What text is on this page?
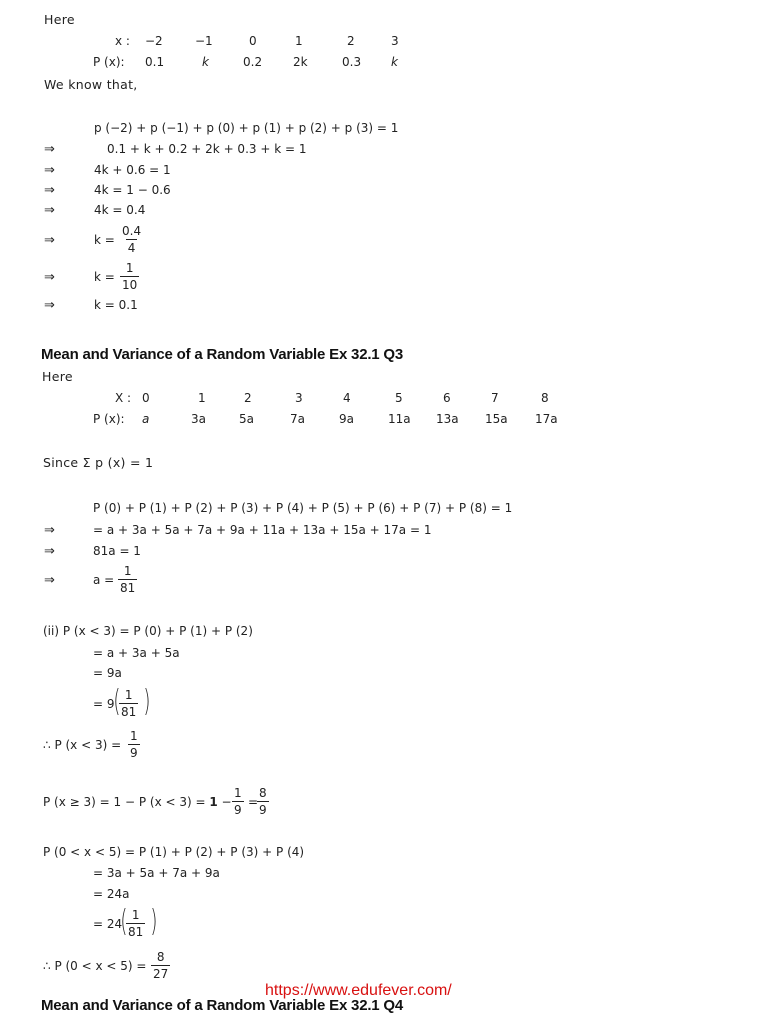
Here
x : −2	−1	0	1	2	3
P (x): 0.1	k	0.2	2k	0.3 k
We know that,
p (−2) + p (−1) + p (0) + p (1) + p (2) + p (3) = 1
⇒	0.1 + k + 0.2 + 2k + 0.3 + k = 1
⇒	4k + 0.6 = 1
⇒	4k = 1 − 0.6
⇒	4k = 0.4
⇒	$k = \frac{0.4}{4}$
⇒	$k = \frac{1}{10}$
⇒	k = 0.1
Mean and Variance of a Random Variable Ex 32.1 Q3
Here
X : 0	1	2	3	4	5	6	7	8
P (x): a	3a	5a	7a	9a	11a 13a 15a 17a
Since Σ p (x) = 1
P (0) + P (1) + P (2) + P (3) + P (4) + P (5) + P (6) + P (7) + P (8) = 1
⇒	= a + 3a + 5a + 7a + 9a + 11a + 13a + 15a + 17a = 1
⇒	81a = 1
⇒	$a = \frac{1}{81}$
(ii) P (x < 3) = P (0) + P (1) + P (2)
= a + 3a + 5a
= 9a
= 9
(
$\frac{1}{81}$ )
∴ P $(x < 3) = \frac{1}{9}$
P (x ≥ 3) = 1 − P $(x < 3) = 1 - \frac{1}{9}$ =
$\frac{8}{9}$
P (0 < x < 5) = P (1) + P (2) + P (3) + P (4)
= 3a + 5a + 7a + 9a
= 24a
= 24
(
$\frac{1}{81}$ )
∴ P $(0 < x < 5) = \frac{8}{27}$
https://www.edufever.com/
Mean and Variance of a Random Variable Ex 32.1 Q4
